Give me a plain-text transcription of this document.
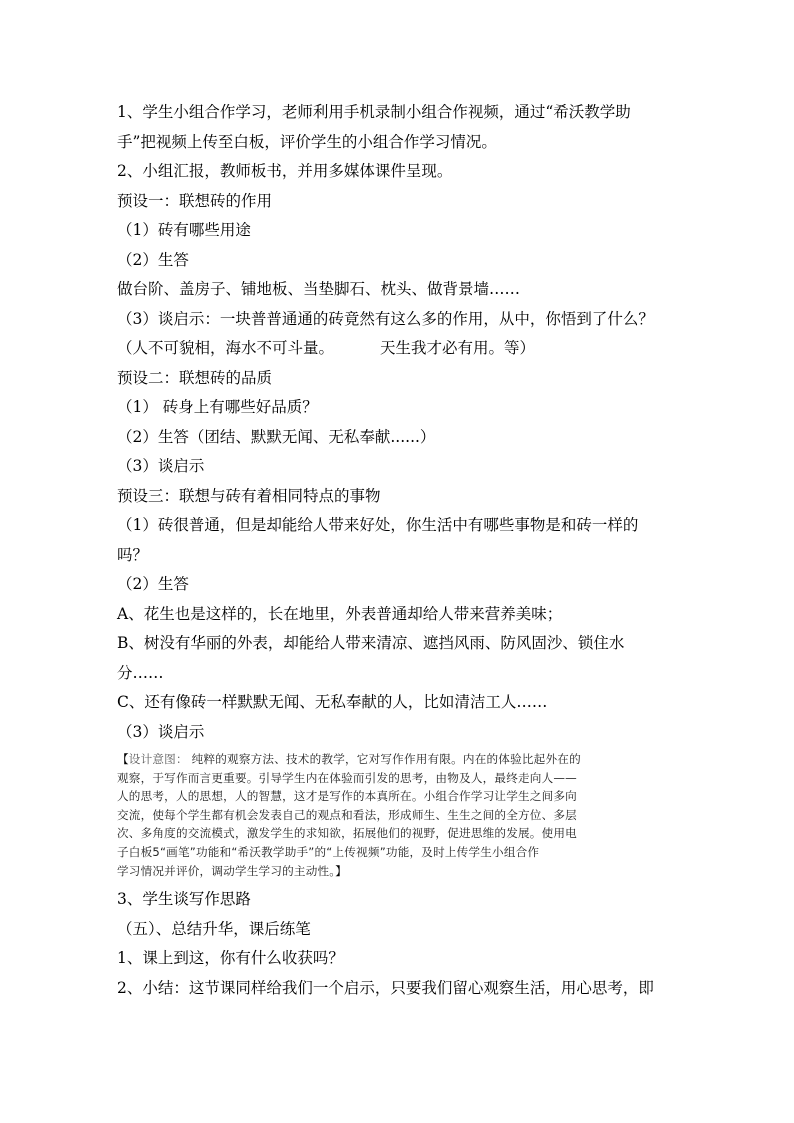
1、学生小组合作学习，老师利用手机录制小组合作视频，通过“希沃教学助
手”把视频上传至白板，评价学生的小组合作学习情况。
2、小组汇报，教师板书，并用多媒体课件呈现。
预设一：联想砖的作用
（1）砖有哪些用途
（2）生答
做台阶、盖房子、铺地板、当垫脚石、枕头、做背景墙……
（3）谈启示：一块普普通通的砖竟然有这么多的作用，从中，你悟到了什么？
（人不可貌相，海水不可斗量。	天生我才必有用。等）
预设二：联想砖的品质
（1） 砖身上有哪些好品质？
（2）生答（团结、默默无闻、无私奉献......）
（3）谈启示
预设三：联想与砖有着相同特点的事物
（1）砖很普通，但是却能给人带来好处，你生活中有哪些事物是和砖一样的
吗？
（2）生答
A、花生也是这样的，长在地里，外表普通却给人带来营养美味；
B、树没有华丽的外表，却能给人带来清凉、遮挡风雨、防风固沙、锁住水
分……
C、还有像砖一样默默无闻、无私奉献的人，比如清洁工人……
（3）谈启示
【设计意图： 纯粹的观察方法、技术的教学，它对写作作用有限。内在的体验比起外在的
观察，于写作而言更重要。引导学生内在体验而引发的思考，由物及人，最终走向人——
人的思考，人的思想，人的智慧，这才是写作的本真所在。小组合作学习让学生之间多向
交流，使每个学生都有机会发表自己的观点和看法，形成师生、生生之间的全方位、多层
次、多角度的交流模式，激发学生的求知欲，拓展他们的视野，促进思维的发展。使用电
子白板5“画笔”功能和“希沃教学助手”的“上传视频”功能，及时上传学生小组合作
学习情况并评价，调动学生学习的主动性。】
3、学生谈写作思路
（五）、总结升华，课后练笔
1、课上到这，你有什么收获吗？
2、小结：这节课同样给我们一个启示，只要我们留心观察生活，用心思考，即
